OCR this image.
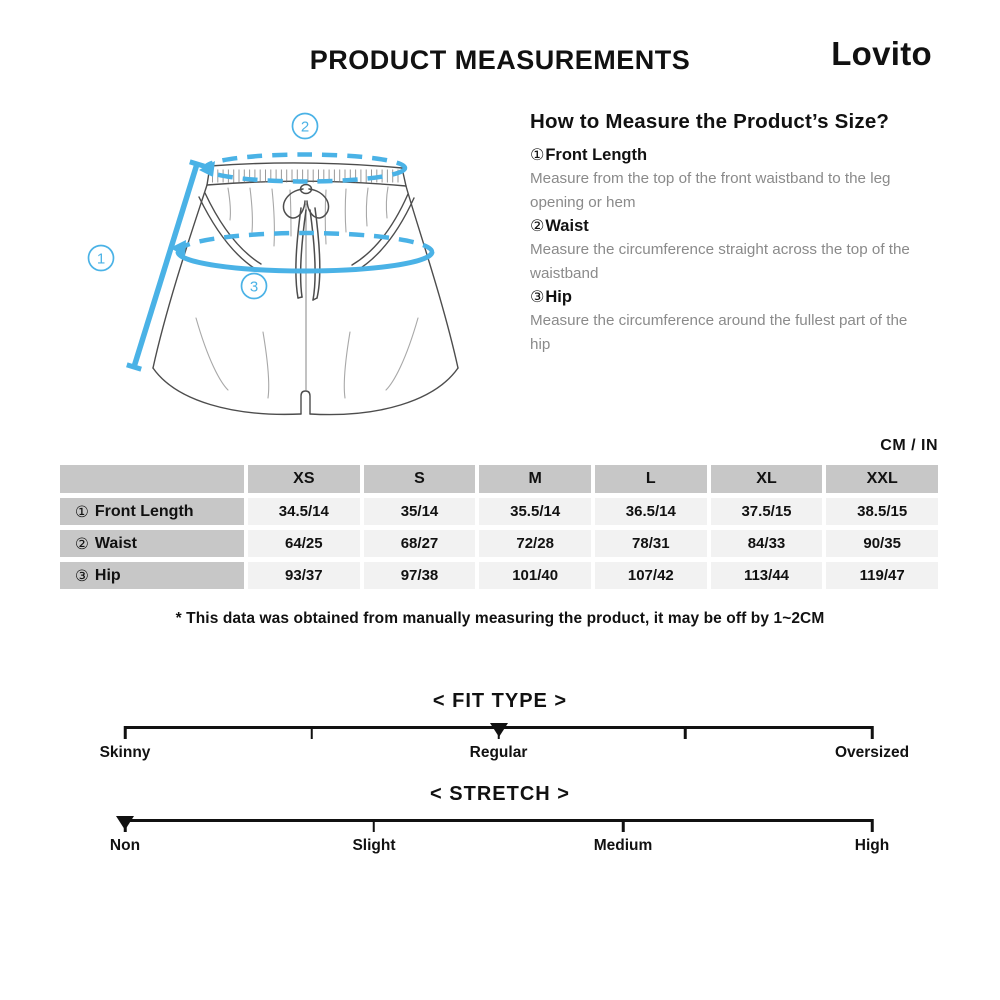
PRODUCT MEASUREMENTS	Lovito
1
2
3
How to Measure the Product’s Size?
①Front Length
Measure from the top of the front waistband to the leg opening or hem
②Waist
Measure the circumference straight across the top of the waistband
③Hip
Measure the circumference around the fullest part of the hip
CM / IN
XS	S	M	L	XL	XXL
① Front Length	34.5/14	35/14	35.5/14	36.5/14	37.5/15	38.5/15
② Waist	64/25	68/27	72/28	78/31	84/33	90/35
③ Hip	93/37	97/38	101/40	107/42	113/44	119/47
* This data was obtained from manually measuring the product, it may be off by 1~2CM
< FIT TYPE >
Skinny	Regular	Oversized
< STRETCH >
Non	Slight	Medium	High
